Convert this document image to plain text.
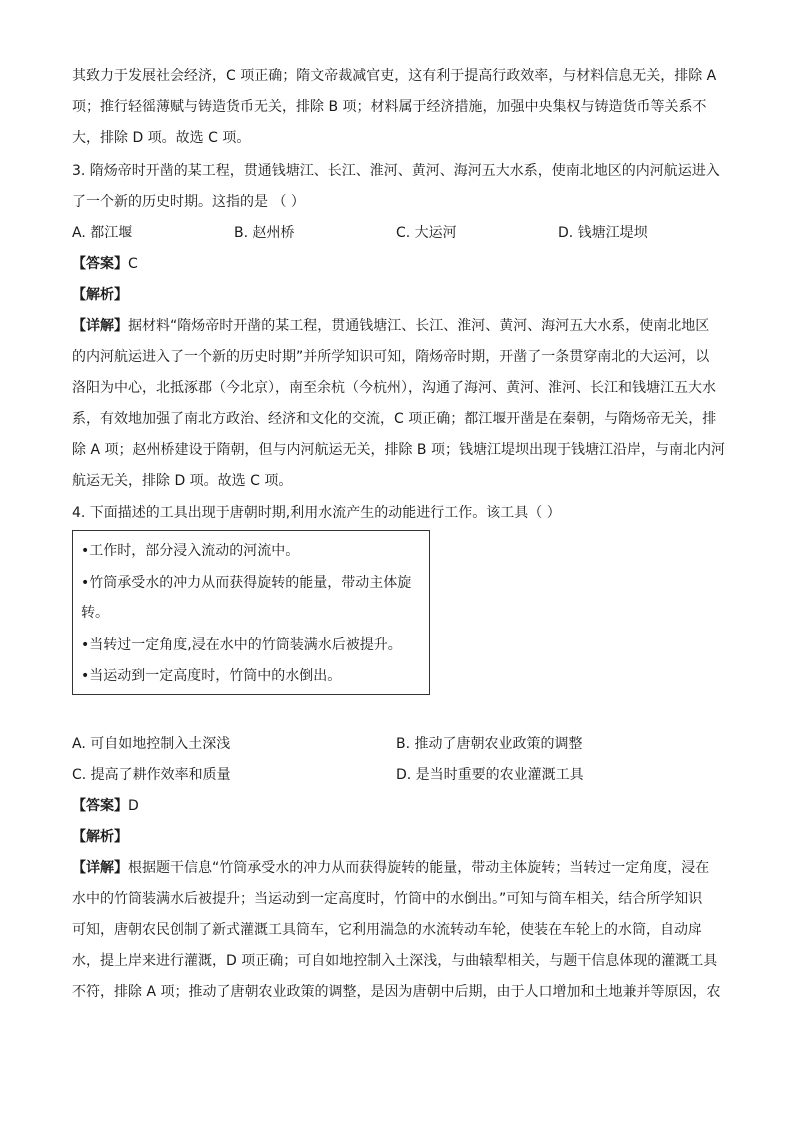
其致力于发展社会经济，C 项正确；隋文帝裁减官吏，这有利于提高行政效率，与材料信息无关，排除 A
项；推行轻徭薄赋与铸造货币无关，排除 B 项；材料属于经济措施，加强中央集权与铸造货币等关系不
大，排除 D 项。故选 C 项。
3. 隋炀帝时开凿的某工程，贯通钱塘江、长江、淮河、黄河、海河五大水系，使南北地区的内河航运进入
了一个新的历史时期。这指的是 （ ）
A. 都江堰	B. 赵州桥	C. 大运河	D. 钱塘江堤坝
【答案】C
【解析】
【详解】据材料“隋炀帝时开凿的某工程，贯通钱塘江、长江、淮河、黄河、海河五大水系，使南北地区
的内河航运进入了一个新的历史时期”并所学知识可知，隋炀帝时期，开凿了一条贯穿南北的大运河，以
洛阳为中心，北抵涿郡（今北京），南至余杭（今杭州），沟通了海河、黄河、淮河、长江和钱塘江五大水
系，有效地加强了南北方政治、经济和文化的交流，C 项正确；都江堰开凿是在秦朝，与隋炀帝无关，排
除 A 项；赵州桥建设于隋朝，但与内河航运无关，排除 B 项；钱塘江堤坝出现于钱塘江沿岸，与南北内河
航运无关，排除 D 项。故选 C 项。
4. 下面描述的工具出现于唐朝时期,利用水流产生的动能进行工作。该工具（ ）
•工作时，部分浸入流动的河流中。
•竹筒承受水的冲力从而获得旋转的能量，带动主体旋
转。
•当转过一定角度,浸在水中的竹筒装满水后被提升。
•当运动到一定高度时，竹筒中的水倒出。
A. 可自如地控制入土深浅	B. 推动了唐朝农业政策的调整
C. 提高了耕作效率和质量	D. 是当时重要的农业灌溉工具
【答案】D
【解析】
【详解】根据题干信息“竹筒承受水的冲力从而获得旋转的能量，带动主体旋转；当转过一定角度，浸在
水中的竹筒装满水后被提升；当运动到一定高度时，竹筒中的水倒出。”可知与筒车相关，结合所学知识
可知，唐朝农民创制了新式灌溉工具筒车，它利用湍急的水流转动车轮，使装在车轮上的水筒，自动戽
水，提上岸来进行灌溉，D 项正确；可自如地控制入土深浅，与曲辕犁相关，与题干信息体现的灌溉工具
不符，排除 A 项；推动了唐朝农业政策的调整，是因为唐朝中后期，由于人口增加和土地兼并等原因，农
